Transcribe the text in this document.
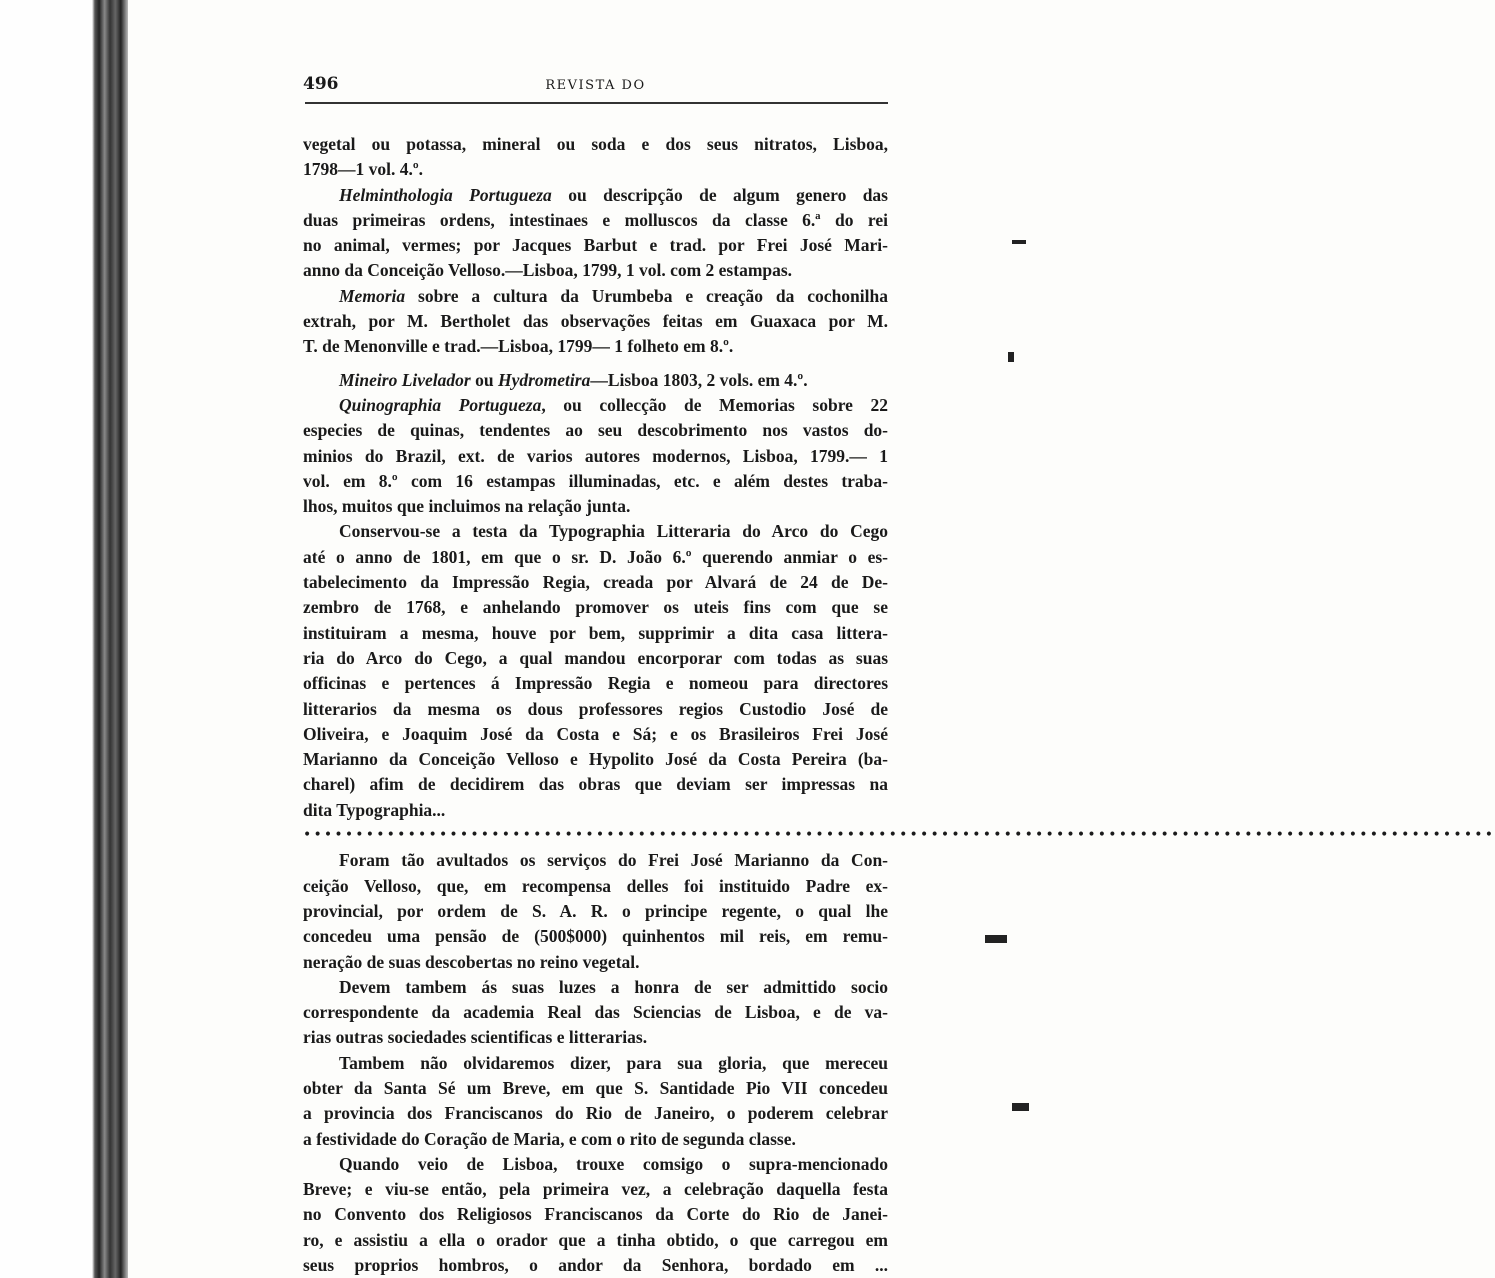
496	REVISTA DO
vegetal ou potassa, mineral ou soda e dos seus nitratos, Lisboa,
1798—1 vol. 4.º.
Helminthologia Portugueza ou descripção de algum genero das
duas primeiras ordens, intestinaes e molluscos da classe 6.ª do rei
no animal, vermes; por Jacques Barbut e trad. por Frei José Mari-
anno da Conceição Velloso.—Lisboa, 1799, 1 vol. com 2 estampas.
Memoria sobre a cultura da Urumbeba e creação da cochonilha
extrah, por M. Bertholet das observações feitas em Guaxaca por M.
T. de Menonville e trad.—Lisboa, 1799— 1 folheto em 8.º.
Mineiro Livelador ou Hydrometira—Lisboa 1803, 2 vols. em 4.º.
Quinographia Portugueza, ou collecção de Memorias sobre 22
especies de quinas, tendentes ao seu descobrimento nos vastos do-
minios do Brazil, ext. de varios autores modernos, Lisboa, 1799.— 1
vol. em 8.º com 16 estampas illuminadas, etc. e além destes traba-
lhos, muitos que incluimos na relação junta.
Conservou-se a testa da Typographia Litteraria do Arco do Cego
até o anno de 1801, em que o sr. D. João 6.º querendo anmiar o es-
tabelecimento da Impressão Regia, creada por Alvará de 24 de De-
zembro de 1768, e anhelando promover os uteis fins com que se
instituiram a mesma, houve por bem, supprimir a dita casa littera-
ria do Arco do Cego, a qual mandou encorporar com todas as suas
officinas e pertences á Impressão Regia e nomeou para directores
litterarios da mesma os dous professores regios Custodio José de
Oliveira, e Joaquim José da Costa e Sá; e os Brasileiros Frei José
Marianno da Conceição Velloso e Hypolito José da Costa Pereira (ba-
charel) afim de decidirem das obras que deviam ser impressas na
dita Typographia...
••••••••••••••••••••••••••••••••••••••••••••••••••••••••••••••••••••••••••••••••••••••••••••••••••••••••••••••••••
Foram tão avultados os serviços do Frei José Marianno da Con-
ceição Velloso, que, em recompensa delles foi instituido Padre ex-
provincial, por ordem de S. A. R. o principe regente, o qual lhe
concedeu uma pensão de (500$000) quinhentos mil reis, em remu-
neração de suas descobertas no reino vegetal.
Devem tambem ás suas luzes a honra de ser admittido socio
correspondente da academia Real das Sciencias de Lisboa, e de va-
rias outras sociedades scientificas e litterarias.
Tambem não olvidaremos dizer, para sua gloria, que mereceu
obter da Santa Sé um Breve, em que S. Santidade Pio VII concedeu
a provincia dos Franciscanos do Rio de Janeiro, o poderem celebrar
a festividade do Coração de Maria, e com o rito de segunda classe.
Quando veio de Lisboa, trouxe comsigo o supra-mencionado
Breve; e viu-se então, pela primeira vez, a celebração daquella festa
no Convento dos Religiosos Franciscanos da Corte do Rio de Janei-
ro, e assistiu a ella o orador que a tinha obtido, o que carregou em
seus proprios hombros, o andor da Senhora, bordado em ...
